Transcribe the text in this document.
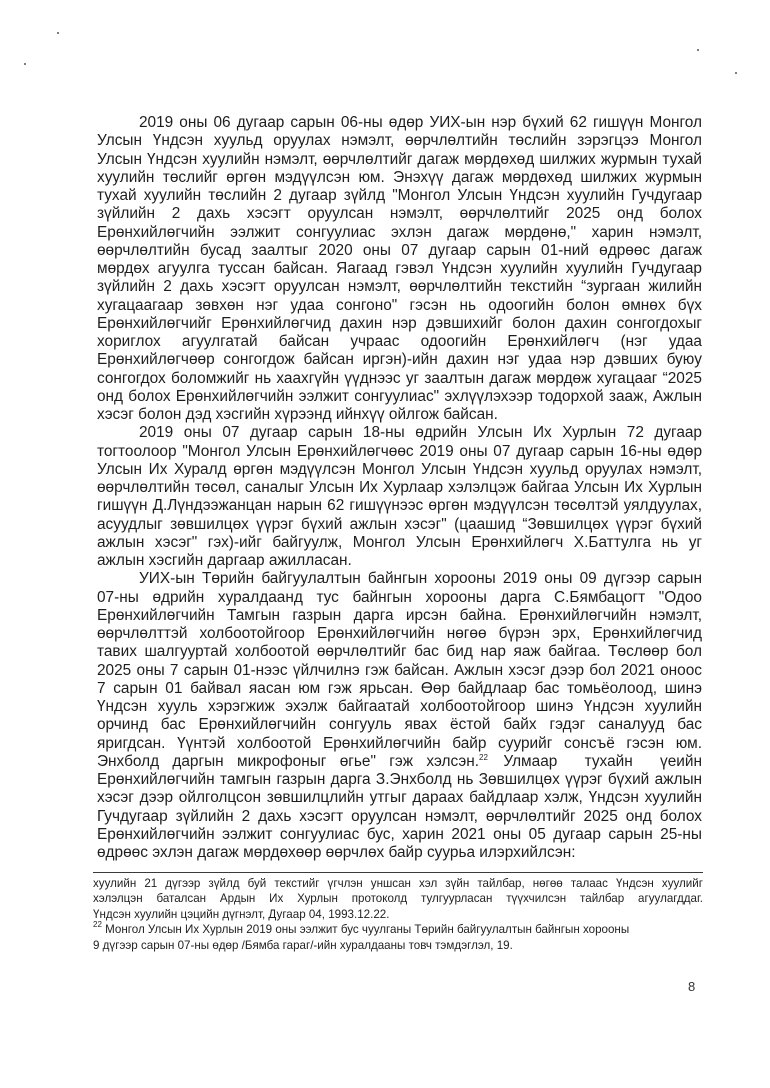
2019 оны 06 дугаар сарын 06-ны өдөр УИХ-ын нэр бүхий 62 гишүүн Монгол
Улсын Үндсэн хуульд оруулах нэмэлт, өөрчлөлтийн төслийн зэрэгцээ Монгол
Улсын Үндсэн хуулийн нэмэлт, өөрчлөлтийг дагаж мөрдөхөд шилжих журмын тухай
хуулийн төслийг өргөн мэдүүлсэн юм. Энэхүү дагаж мөрдөхөд шилжих журмын
тухай хуулийн төслийн 2 дугаар зүйлд "Монгол Улсын Үндсэн хуулийн Гучдугаар
зүйлийн 2 дахь хэсэгт оруулсан нэмэлт, өөрчлөлтийг 2025 онд болох
Ерөнхийлөгчийн ээлжит сонгуулиас эхлэн дагаж мөрдөнө," харин нэмэлт,
өөрчлөлтийн бусад заалтыг 2020 оны 07 дугаар сарын 01-ний өдрөөс дагаж
мөрдөх агуулга туссан байсан. Яагаад гэвэл Үндсэн хуулийн хуулийн Гучдугаар
зүйлийн 2 дахь хэсэгт оруулсан нэмэлт, өөрчлөлтийн текстийн “зургаан жилийн
хугацаагаар зөвхөн нэг удаа сонгоно" гэсэн нь одоогийн болон өмнөх бүх
Ерөнхийлөгчийг Ерөнхийлөгчид дахин нэр дэвшихийг болон дахин сонгогдохыг
хориглох агуулгатай байсан учраас одоогийн Ерөнхийлөгч (нэг удаа
Ерөнхийлөгчөөр сонгогдож байсан иргэн)-ийн дахин нэг удаа нэр дэвших буюу
сонгогдох боломжийг нь хаахгүйн үүднээс уг заалтын дагаж мөрдөж хугацааг “2025
онд болох Ерөнхийлөгчийн ээлжит сонгуулиас" эхлүүлэхээр тодорхой зааж, Ажлын
хэсэг болон дэд хэсгийн хүрээнд ийнхүү ойлгож байсан.
2019 оны 07 дугаар сарын 18-ны өдрийн Улсын Их Хурлын 72 дугаар
тогтоолоор "Монгол Улсын Ерөнхийлөгчөөс 2019 оны 07 дугаар сарын 16-ны өдөр
Улсын Их Хуралд өргөн мэдүүлсэн Монгол Улсын Үндсэн хуульд оруулах нэмэлт,
өөрчлөлтийн төсөл, саналыг Улсын Их Хурлаар хэлэлцэж байгаа Улсын Их Хурлын
гишүүн Д.Лүндээжанцан нарын 62 гишүүнээс өргөн мэдүүлсэн төсөлтэй уялдуулах,
асуудлыг зөвшилцөх үүрэг бүхий ажлын хэсэг" (цаашид “Зөвшилцөх үүрэг бүхий
ажлын хэсэг" гэх)-ийг байгуулж, Монгол Улсын Ерөнхийлөгч Х.Баттулга нь уг
ажлын хэсгийн даргаар ажилласан.
УИХ-ын Төрийн байгуулалтын байнгын хорооны 2019 оны 09 дүгээр сарын
07-ны өдрийн хуралдаанд тус байнгын хорооны дарга С.Бямбацогт "Одоо
Ерөнхийлөгчийн Тамгын газрын дарга ирсэн байна. Ерөнхийлөгчийн нэмэлт,
өөрчлөлттэй холбоотойгоор Ерөнхийлөгчийн нөгөө бүрэн эрх, Ерөнхийлөгчид
тавих шалгууртай холбоотой өөрчлөлтийг бас бид нар яаж байгаа. Төслөөр бол
2025 оны 7 сарын 01-нээс үйлчилнэ гэж байсан. Ажлын хэсэг дээр бол 2021 оноос
7 сарын 01 байвал яасан юм гэж ярьсан. Өөр байдлаар бас томьёолоод, шинэ
Үндсэн хууль хэрэгжиж эхэлж байгаатай холбоотойгоор шинэ Үндсэн хуулийн
орчинд бас Ерөнхийлөгчийн сонгууль явах ёстой байх гэдэг саналууд бас
яригдсан. Үүнтэй холбоотой Ерөнхийлөгчийн байр суурийг сонсъё гэсэн юм.
Энхболд даргын микрофоныг өгье" гэж хэлсэн.$^{22}$  Улмаар тухайн үеийн
Ерөнхийлөгчийн тамгын газрын дарга З.Энхболд нь Зөвшилцөх үүрэг бүхий ажлын
хэсэг дээр ойлголцсон зөвшилцлийн утгыг дараах байдлаар хэлж, Үндсэн хуулийн
Гучдугаар зүйлийн 2 дахь хэсэгт оруулсан нэмэлт, өөрчлөлтийг 2025 онд болох
Ерөнхийлөгчийн ээлжит сонгуулиас бус, харин 2021 оны 05 дугаар сарын 25-ны
өдрөөс эхлэн дагаж мөрдөхөөр өөрчлөх байр суурьа илэрхийлсэн:
хуулийн 21 дүгээр зүйлд буй текстийг үгчлэн уншсан хэл зүйн тайлбар, нөгөө талаас Үндсэн хуулийг
хэлэлцэн баталсан Ардын Их Хурлын протоколд тулгуурласан түүхчилсэн тайлбар агуулагддаг.
Үндсэн хуулийн цэцийн дүгнэлт, Дугаар 04, 1993.12.22.
$^{22}$ Монгол Улсын Их Хурлын 2019 оны ээлжит бус чуулганы Төрийн байгуулалтын байнгын хорооны
9 дүгээр сарын 07-ны өдөр /Бямба гараг/-ийн хуралдааны товч тэмдэглэл, 19.
8
